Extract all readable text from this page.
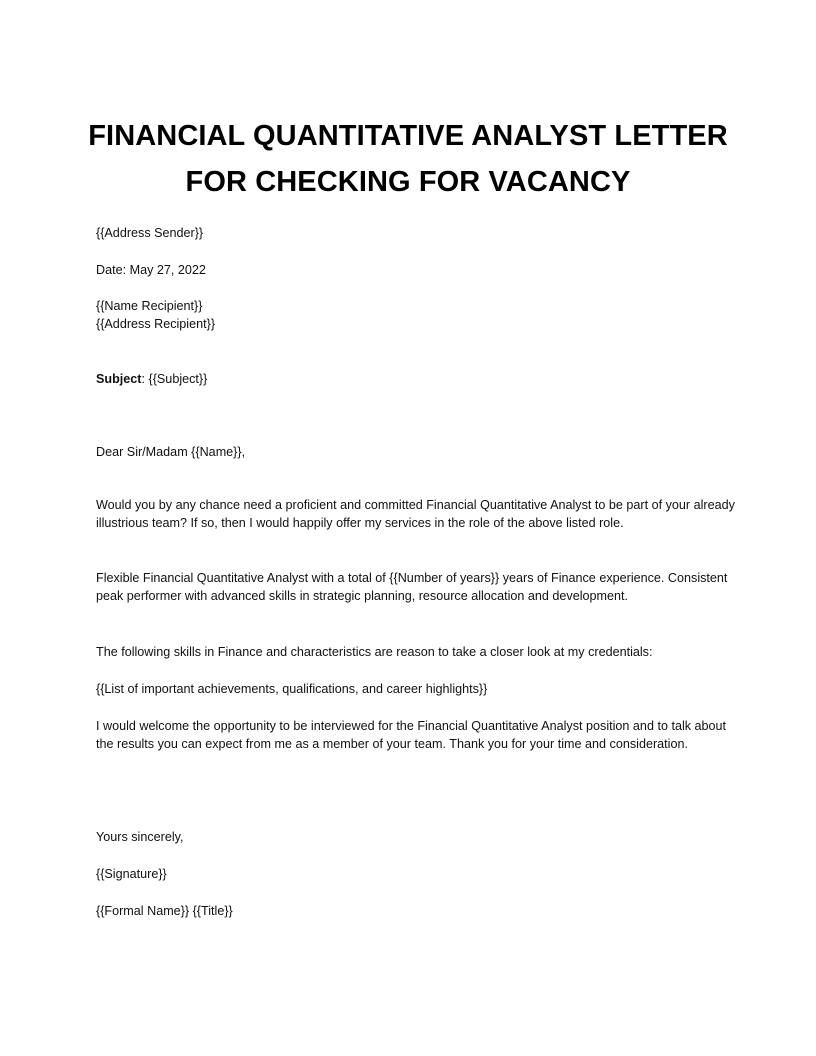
FINANCIAL QUANTITATIVE ANALYST LETTER
FOR CHECKING FOR VACANCY
{{Address Sender}}
Date: May 27, 2022
{{Name Recipient}}
{{Address Recipient}}
Subject: {{Subject}}
Dear Sir/Madam {{Name}},
Would you by any chance need a proficient and committed Financial Quantitative Analyst to be part of your already illustrious team? If so, then I would happily offer my services in the role of the above listed role.
Flexible Financial Quantitative Analyst with a total of {{Number of years}} years of Finance experience. Consistent peak performer with advanced skills in strategic planning, resource allocation and development.
The following skills in Finance and characteristics are reason to take a closer look at my credentials:
{{List of important achievements, qualifications, and career highlights}}
I would welcome the opportunity to be interviewed for the Financial Quantitative Analyst position and to talk about the results you can expect from me as a member of your team. Thank you for your time and consideration.
Yours sincerely,
{{Signature}}
{{Formal Name}} {{Title}}
